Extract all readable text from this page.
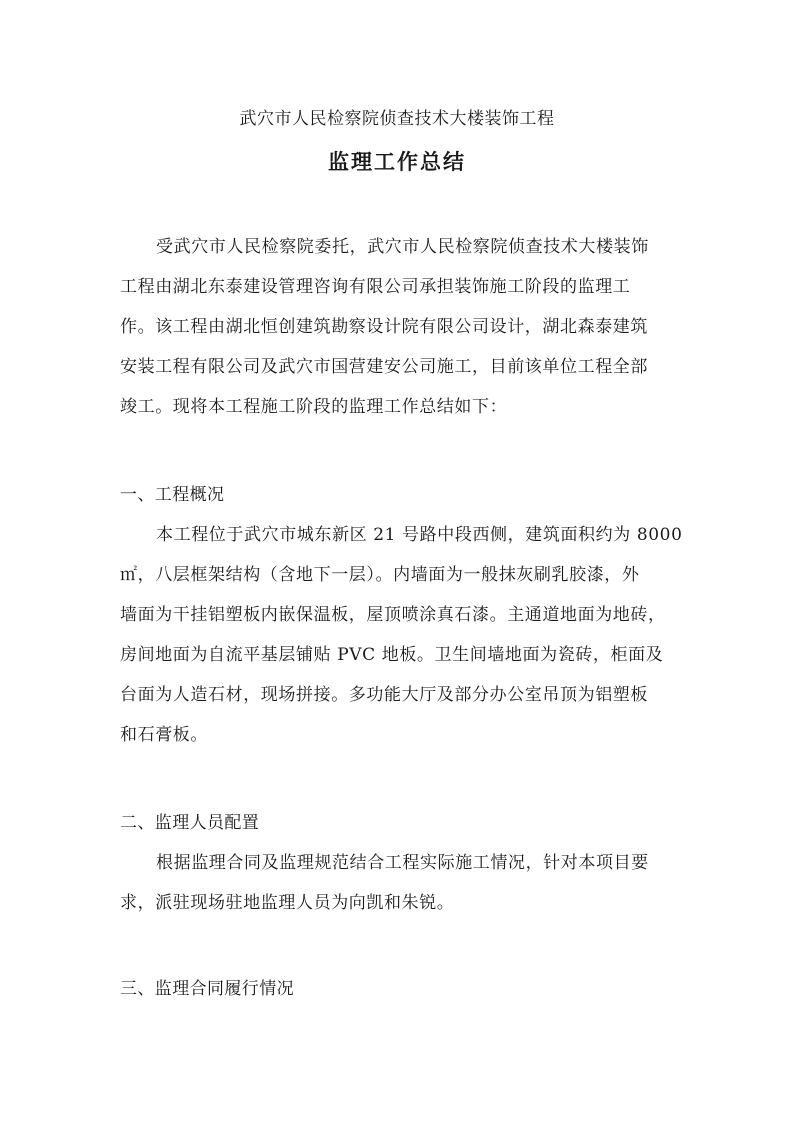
武穴市人民检察院侦查技术大楼装饰工程
监理工作总结
受武穴市人民检察院委托，武穴市人民检察院侦查技术大楼装饰
工程由湖北东泰建设管理咨询有限公司承担装饰施工阶段的监理工
作。该工程由湖北恒创建筑勘察设计院有限公司设计，湖北森泰建筑
安装工程有限公司及武穴市国营建安公司施工，目前该单位工程全部
竣工。现将本工程施工阶段的监理工作总结如下：
一、工程概况
本工程位于武穴市城东新区 21 号路中段西侧，建筑面积约为 8000
㎡，八层框架结构（含地下一层）。内墙面为一般抹灰刷乳胶漆，外
墙面为干挂铝塑板内嵌保温板，屋顶喷涂真石漆。主通道地面为地砖，
房间地面为自流平基层铺贴 PVC 地板。卫生间墙地面为瓷砖，柜面及
台面为人造石材，现场拼接。多功能大厅及部分办公室吊顶为铝塑板
和石膏板。
二、监理人员配置
根据监理合同及监理规范结合工程实际施工情况，针对本项目要
求，派驻现场驻地监理人员为向凯和朱锐。
三、监理合同履行情况
